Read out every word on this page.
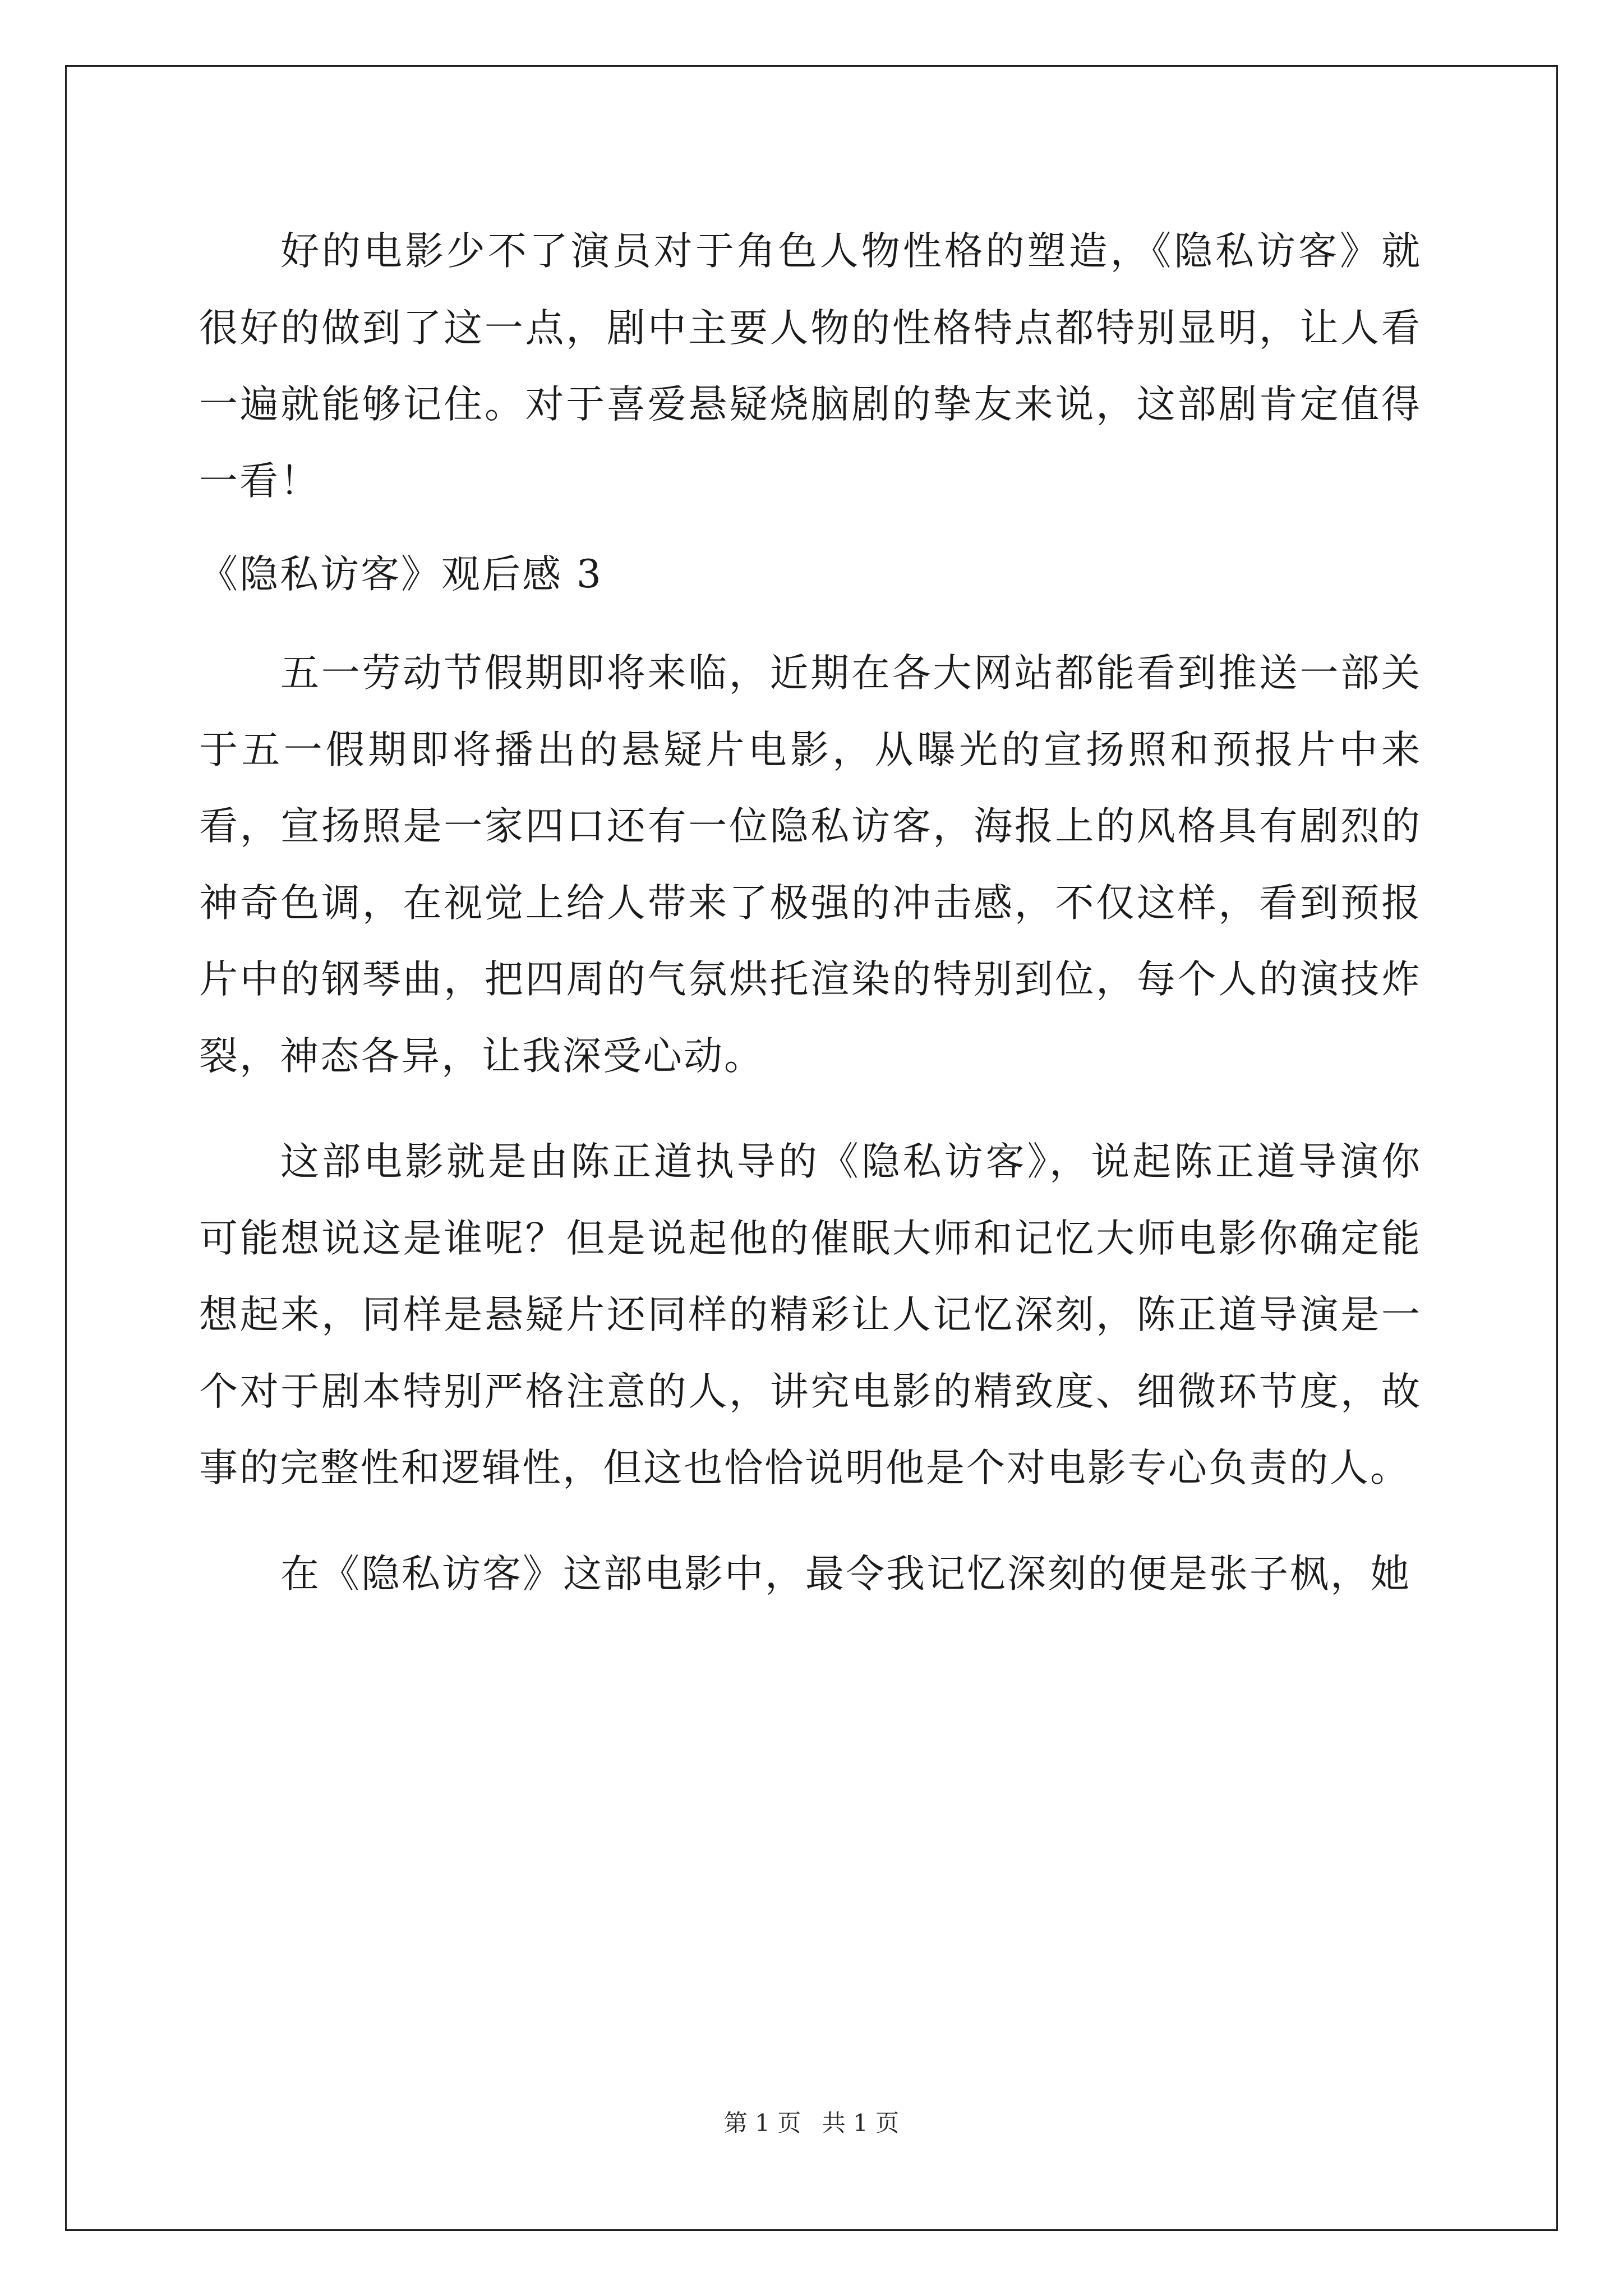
好的电影少不了演员对于角色人物性格的塑造，《隐私访客》就很好的做到了这一点，剧中主要人物的性格特点都特别显明，让人看一遍就能够记住。对于喜爱悬疑烧脑剧的挚友来说，这部剧肯定值得一看！

《隐私访客》观后感 3

五一劳动节假期即将来临，近期在各大网站都能看到推送一部关于五一假期即将播出的悬疑片电影，从曝光的宣扬照和预报片中来看，宣扬照是一家四口还有一位隐私访客，海报上的风格具有剧烈的神奇色调，在视觉上给人带来了极强的冲击感，不仅这样，看到预报片中的钢琴曲，把四周的气氛烘托渲染的特别到位，每个人的演技炸裂，神态各异，让我深受心动。

这部电影就是由陈正道执导的《隐私访客》，说起陈正道导演你可能想说这是谁呢？但是说起他的催眠大师和记忆大师电影你确定能想起来，同样是悬疑片还同样的精彩让人记忆深刻，陈正道导演是一个对于剧本特别严格注意的人，讲究电影的精致度、细微环节度，故事的完整性和逻辑性，但这也恰恰说明他是个对电影专心负责的人。

在《隐私访客》这部电影中，最令我记忆深刻的便是张子枫，她

第 1 页 共 1 页
